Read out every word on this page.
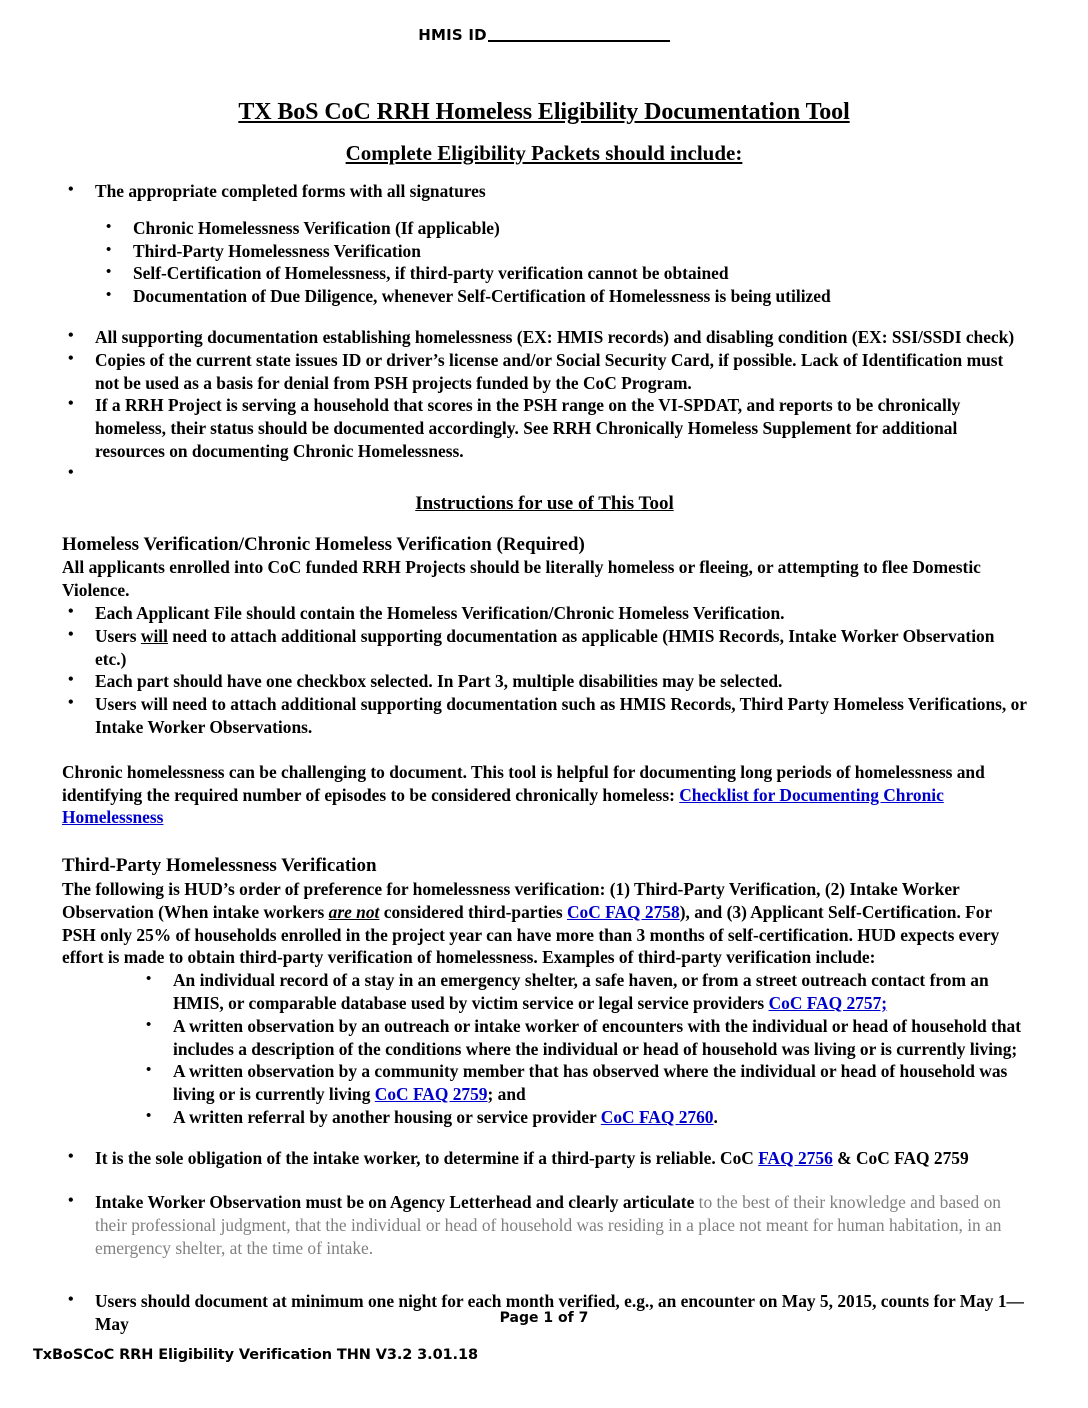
HMIS ID
TX BoS CoC RRH Homeless Eligibility Documentation Tool
Complete Eligibility Packets should include:
• The appropriate completed forms with all signatures
• Chronic Homelessness Verification (If applicable)
• Third-Party Homelessness Verification
• Self-Certification of Homelessness, if third-party verification cannot be obtained
• Documentation of Due Diligence, whenever Self-Certification of Homelessness is being utilized
• All supporting documentation establishing homelessness (EX: HMIS records) and disabling condition (EX: SSI/SSDI check)
• Copies of the current state issues ID or driver’s license and/or Social Security Card, if possible. Lack of Identification must not be used as a basis for denial from PSH projects funded by the CoC Program.
• If a RRH Project is serving a household that scores in the PSH range on the VI-SPDAT, and reports to be chronically homeless, their status should be documented accordingly. See RRH Chronically Homeless Supplement for additional resources on documenting Chronic Homelessness.
•
Instructions for use of This Tool
Homeless Verification/Chronic Homeless Verification (Required)

All applicants enrolled into CoC funded RRH Projects should be literally homeless or fleeing, or attempting to flee Domestic Violence.

• Each Applicant File should contain the Homeless Verification/Chronic Homeless Verification.
• Users will need to attach additional supporting documentation as applicable (HMIS Records, Intake Worker Observation etc.)
• Each part should have one checkbox selected. In Part 3, multiple disabilities may be selected.
• Users will need to attach additional supporting documentation such as HMIS Records, Third Party Homeless Verifications, or Intake Worker Observations.

Chronic homelessness can be challenging to document. This tool is helpful for documenting long periods of homelessness and identifying the required number of episodes to be considered chronically homeless: Checklist for Documenting Chronic Homelessness

Third-Party Homelessness Verification

The following is HUD’s order of preference for homelessness verification: (1) Third-Party Verification, (2) Intake Worker Observation (When intake workers are not considered third-parties CoC FAQ 2758), and (3) Applicant Self-Certification. For PSH only 25% of households enrolled in the project year can have more than 3 months of self-certification. HUD expects every effort is made to obtain third-party verification of homelessness. Examples of third-party verification include:

• An individual record of a stay in an emergency shelter, a safe haven, or from a street outreach contact from an HMIS, or comparable database used by victim service or legal service providers CoC FAQ 2757;
• A written observation by an outreach or intake worker of encounters with the individual or head of household that includes a description of the conditions where the individual or head of household was living or is currently living;
• A written observation by a community member that has observed where the individual or head of household was living or is currently living CoC FAQ 2759; and
• A written referral by another housing or service provider CoC FAQ 2760.
• It is the sole obligation of the intake worker, to determine if a third-party is reliable. CoC FAQ 2756 & CoC FAQ 2759
• Intake Worker Observation must be on Agency Letterhead and clearly articulate to the best of their knowledge and based on their professional judgment, that the individual or head of household was residing in a place not meant for human habitation, in an emergency shelter, at the time of intake.
• Users should document at minimum one night for each month verified, e.g., an encounter on May 5, 2015, counts for May 1—May	Page 1 of 7
TxBoSCoC RRH Eligibility Verification THN V3.2 3.01.18
